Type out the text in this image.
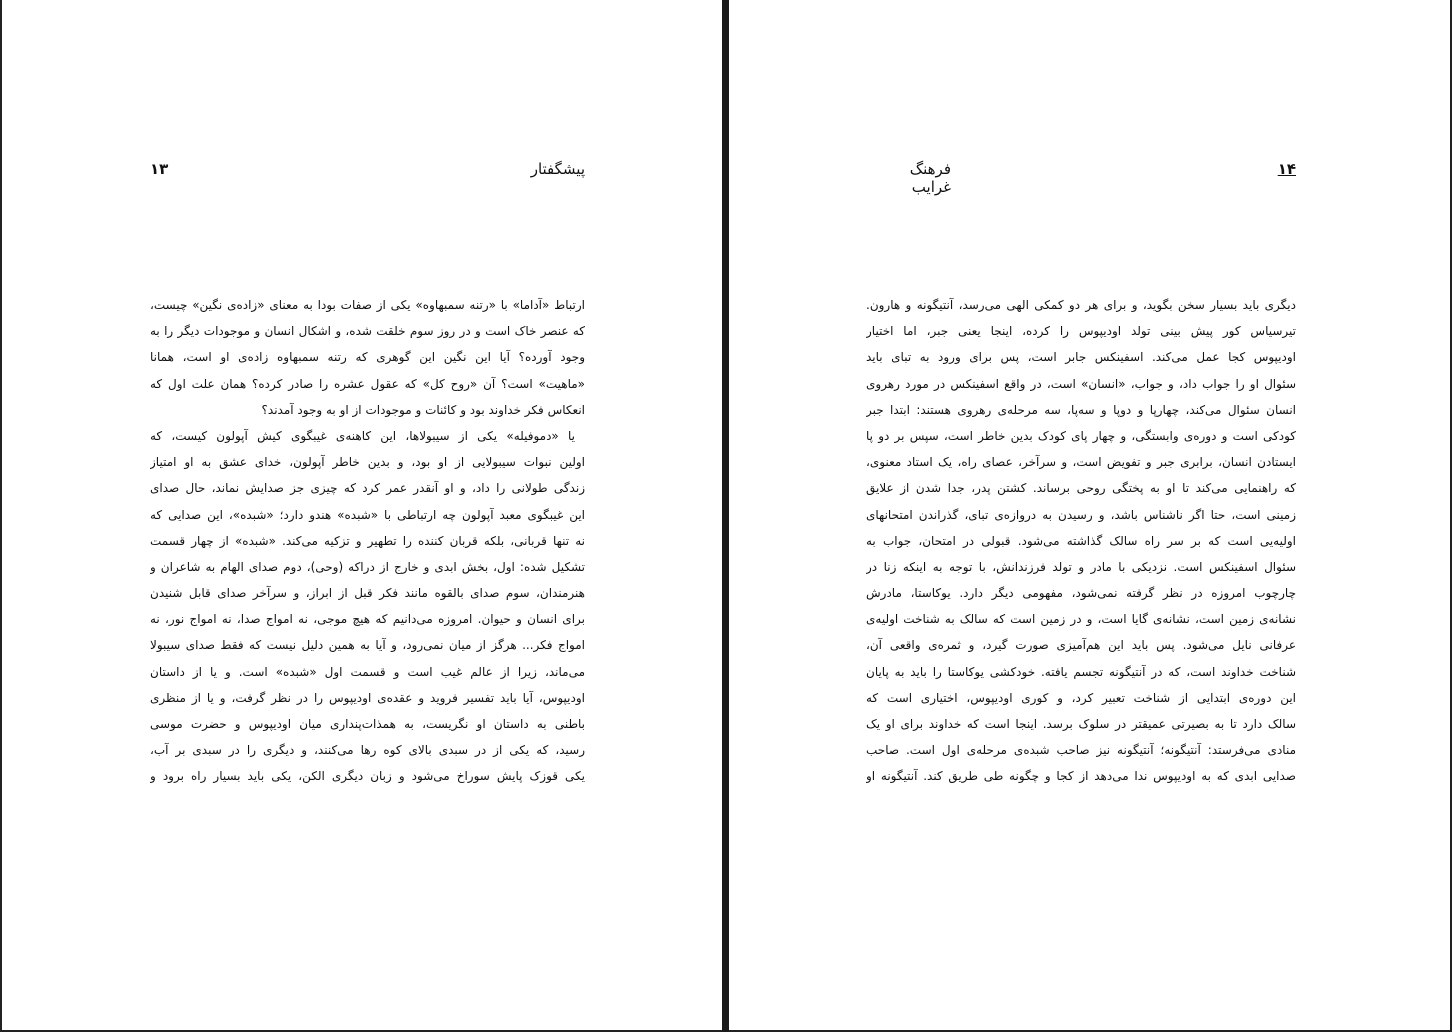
پیشگفتار
۱۳
ارتباط «آداما» با «رتنه سمبهاوه» یکی از صفات بودا به معنای «زاده‌ی نگین» چیست،
که عنصر خاک است و در روز سوم خلقت شده، و اشکال انسان و موجودات دیگر را به
وجود آورده؟ آیا این نگین این گوهری که رتنه سمبهاوه زاده‌ی او است، همانا
«ماهیت» است؟ آن «روح کل» که عقول عشره را صادر کرده؟ همان علت اول که
انعکاس فکر خداوند بود و کائنات و موجودات از او به وجود آمدند؟
یا «دموفیله» یکی از سیبولاها، این کاهنه‌ی غیبگوی کیش آپولون کیست، که
اولین نبوات سیبولایی از او بود، و بدین خاطر آپولون، خدای عشق به او امتیاز
زندگی طولانی را داد، و او آنقدر عمر کرد که چیزی جز صدایش نماند، حال صدای
این غیبگوی معبد آپولون چه ارتباطی با «شبده» هندو دارد؛ «شبده»، این صدایی که
نه تنها قربانی، بلکه قربان کننده را تطهیر و تزکیه می‌کند. «شبده» از چهار قسمت
تشکیل شده: اول، بخش ابدی و خارج از دراکه (وحی)، دوم صدای الهام به شاعران و
هنرمندان، سوم صدای بالقوه مانند فکر قبل از ابراز، و سرآخر صدای قابل شنیدن
برای انسان و حیوان. امروزه می‌دانیم که هیچ موجی، نه امواج صدا، نه امواج نور، نه
امواج فکر... هرگز از میان نمی‌رود، و آیا به همین دلیل نیست که فقط صدای سیبولا
می‌ماند، زیرا از عالم غیب است و قسمت اول «شبده» است. و یا از داستان
اودیپوس، آیا باید تفسیر فروید و عقده‌ی اودیپوس را در نظر گرفت، و یا از منظری
باطنی به داستان او نگریست، به همذات‌پنداری میان اودیپوس و حضرت موسی
رسید، که یکی از در سبدی بالای کوه رها می‌کنند، و دیگری را در سبدی بر آب،
یکی قوزک پایش سوراخ می‌شود و زبان دیگری الکن، یکی باید بسیار راه برود و
فرهنگ غرایب
۱۴
دیگری باید بسیار سخن بگوید، و برای هر دو کمکی الهی می‌رسد، آنتیگونه و هارون.
تیرسیاس کور پیش بینی تولد اودیپوس را کرده، اینجا یعنی جبر، اما اختیار
اودیپوس کجا عمل می‌کند. اسفینکس جابر است، پس برای ورود به تبای باید
سئوال او را جواب داد، و جواب، «انسان» است، در واقع اسفینکس در مورد رهروی
انسان سئوال می‌کند، چهارپا و دوپا و سه‌پا، سه مرحله‌ی رهروی هستند: ابتدا جبر
کودکی است و دوره‌ی وابستگی، و چهار پای کودک بدین خاطر است، سپس بر دو پا
ایستادن انسان، برابری جبر و تفویض است، و سرآخر، عصای راه، یک استاد معنوی،
که راهنمایی می‌کند تا او به پختگی روحی برساند. کشتن پدر، جدا شدن از علایق
زمینی است، حتا اگر ناشناس باشد، و رسیدن به دروازه‌ی تبای، گذراندن امتحانهای
اولیه‌یی است که بر سر راه سالک گذاشته می‌شود. قبولی در امتحان، جواب به
سئوال اسفینکس است. نزدیکی با مادر و تولد فرزندانش، با توجه به اینکه زنا در
چارچوب امروزه در نظر گرفته نمی‌شود، مفهومی دیگر دارد. یوکاستا، مادرش
نشانه‌ی زمین است، نشانه‌ی گایا است، و در زمین است که سالک به شناخت اولیه‌ی
عرفانی نایل می‌شود. پس باید این هم‌آمیزی صورت گیرد، و ثمره‌ی واقعی آن،
شناخت خداوند است، که در آنتیگونه تجسم یافته. خودکشی یوکاستا را باید به پایان
این دوره‌ی ابتدایی از شناخت تعبیر کرد، و کوری اودیپوس، اختیاری است که
سالک دارد تا به بصیرتی عمیقتر در سلوک برسد. اینجا است که خداوند برای او یک
منادی می‌فرستد: آنتیگونه؛ آنتیگونه نیز صاحب شبده‌ی مرحله‌ی اول است. صاحب
صدایی ابدی که به اودیپوس ندا می‌دهد از کجا و چگونه طی طریق کند. آنتیگونه او
